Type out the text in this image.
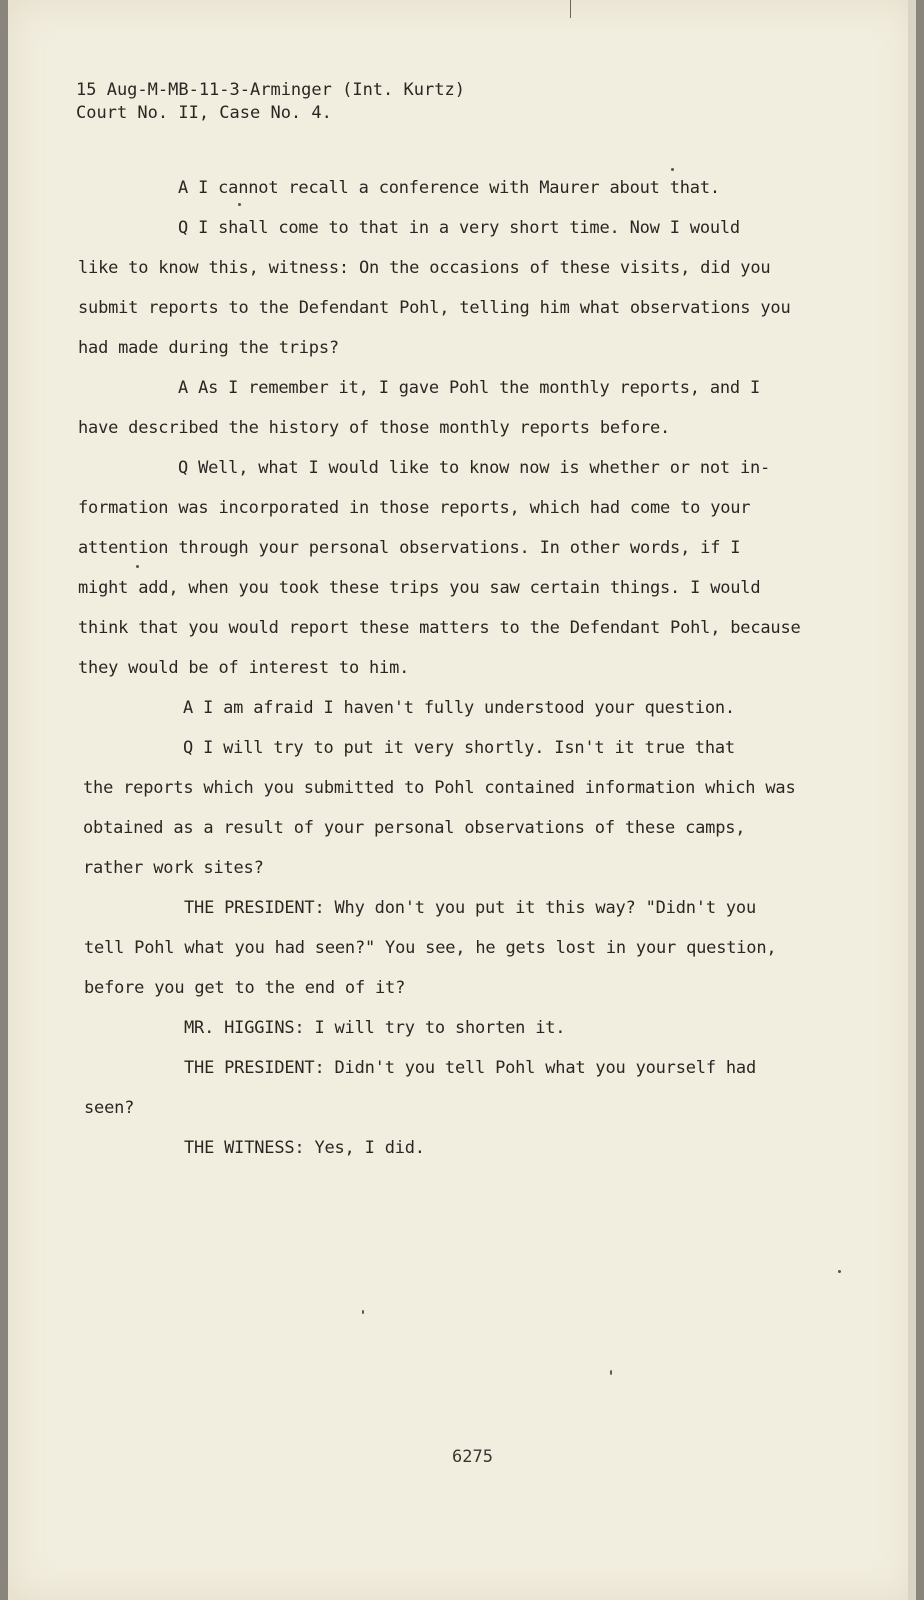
15 Aug-M-MB-11-3-Arminger (Int. Kurtz)
Court No. II, Case No. 4.
A I cannot recall a conference with Maurer about that.
Q I shall come to that in a very short time. Now I would
like to know this, witness: On the occasions of these visits, did you
submit reports to the Defendant Pohl, telling him what observations you
had made during the trips?
A As I remember it, I gave Pohl the monthly reports, and I
have described the history of those monthly reports before.
Q Well, what I would like to know now is whether or not in-
formation was incorporated in those reports, which had come to your
attention through your personal observations. In other words, if I
might add, when you took these trips you saw certain things. I would
think that you would report these matters to the Defendant Pohl, because
they would be of interest to him.
A I am afraid I haven't fully understood your question.
Q I will try to put it very shortly. Isn't it true that
the reports which you submitted to Pohl contained information which was
obtained as a result of your personal observations of these camps,
rather work sites?
THE PRESIDENT: Why don't you put it this way? "Didn't you
tell Pohl what you had seen?" You see, he gets lost in your question,
before you get to the end of it?
MR. HIGGINS: I will try to shorten it.
THE PRESIDENT: Didn't you tell Pohl what you yourself had
seen?
THE WITNESS: Yes, I did.
6275
